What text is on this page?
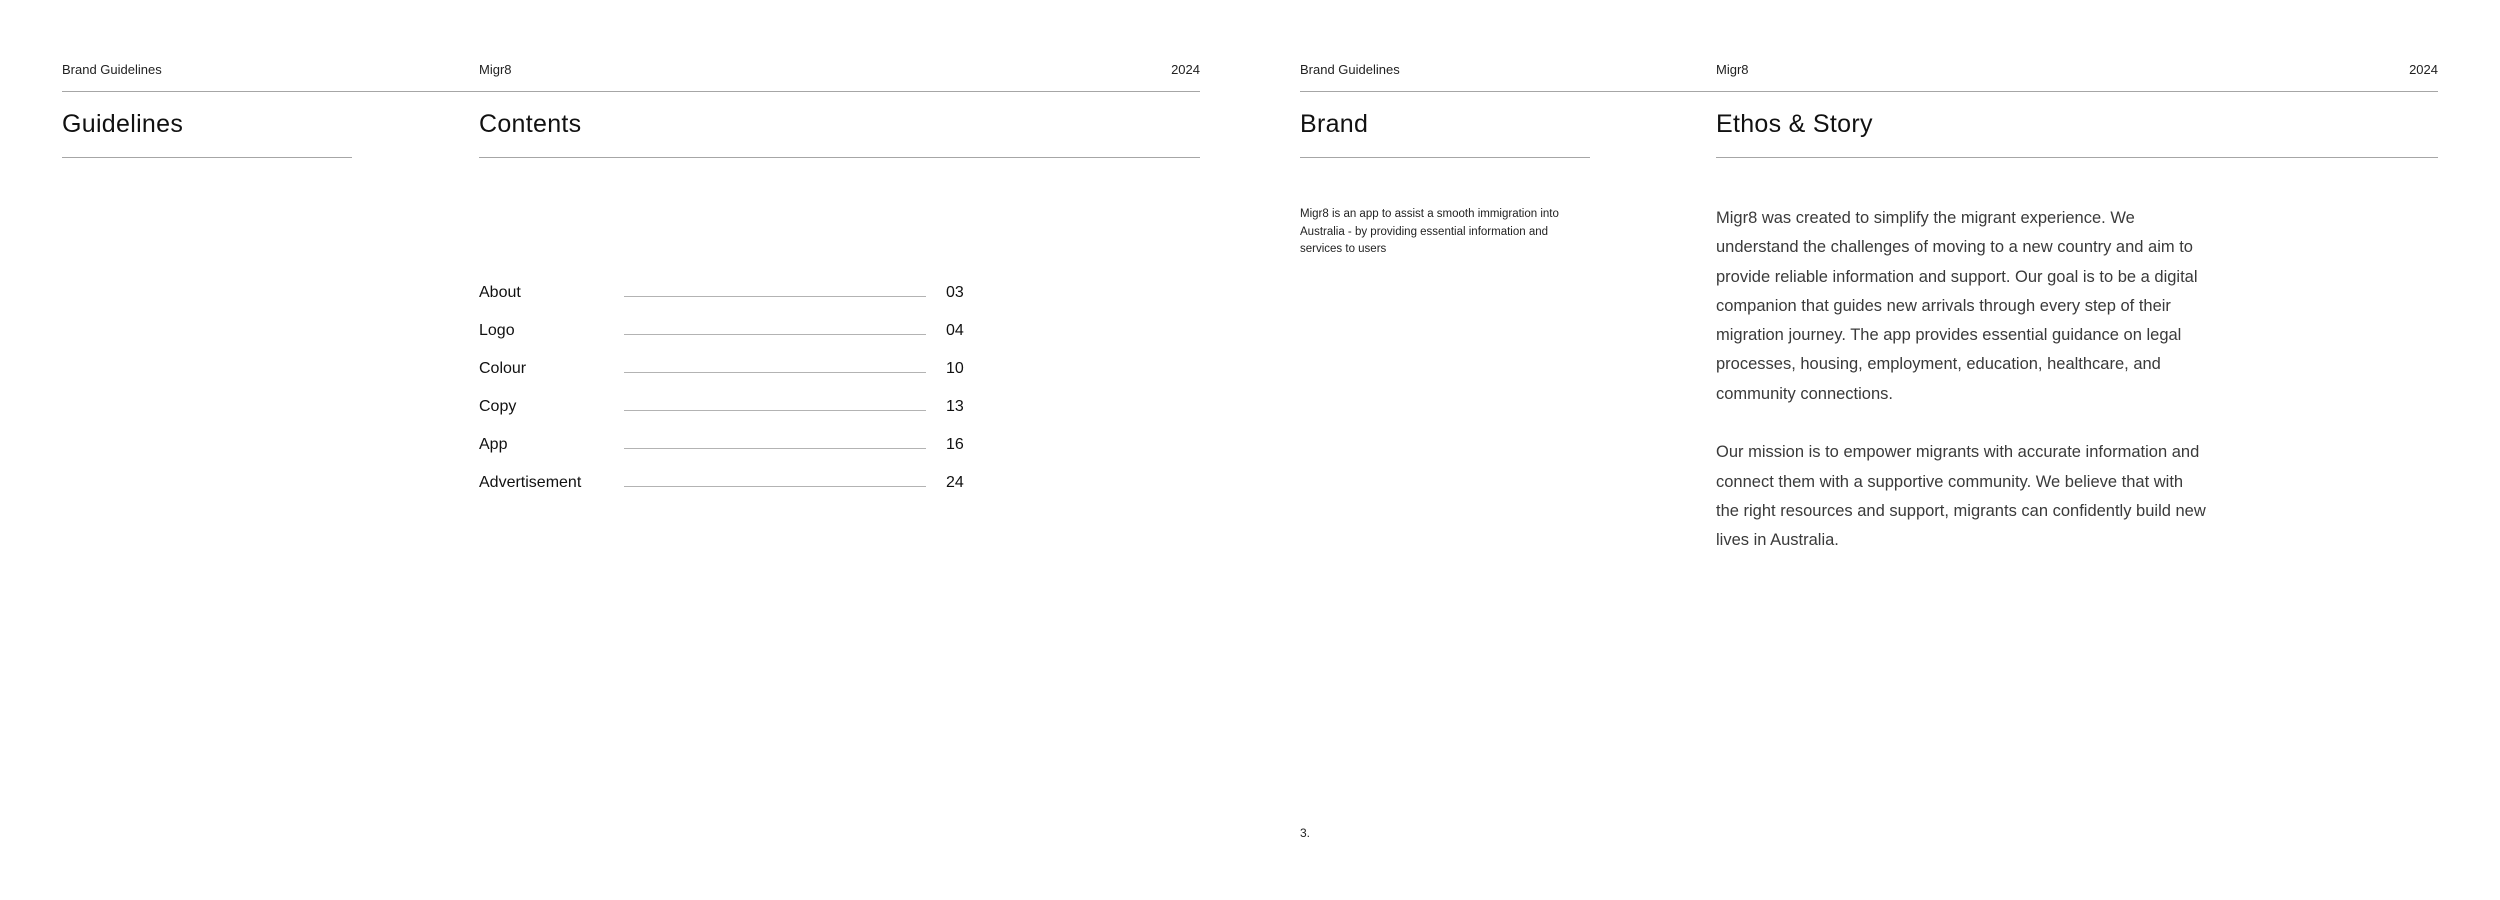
Brand Guidelines	Migr8	2024
Guidelines	Contents
About	03
Logo	04
Colour	10
Copy	13
App	16
Advertisement	24
Brand Guidelines	Migr8	2024
Brand	Ethos & Story
Migr8 is an app to assist a smooth immigration into Australia - by providing essential information and services to users

Migr8 was created to simplify the migrant experience. We understand the challenges of moving to a new country and aim to provide reliable information and support. Our goal is to be a digital companion that guides new arrivals through every step of their migration journey. The app provides essential guidance on legal processes, housing, employment, education, healthcare, and community connections.

Our mission is to empower migrants with accurate information and connect them with a supportive community. We believe that with the right resources and support, migrants can confidently build new lives in Australia.

3.
